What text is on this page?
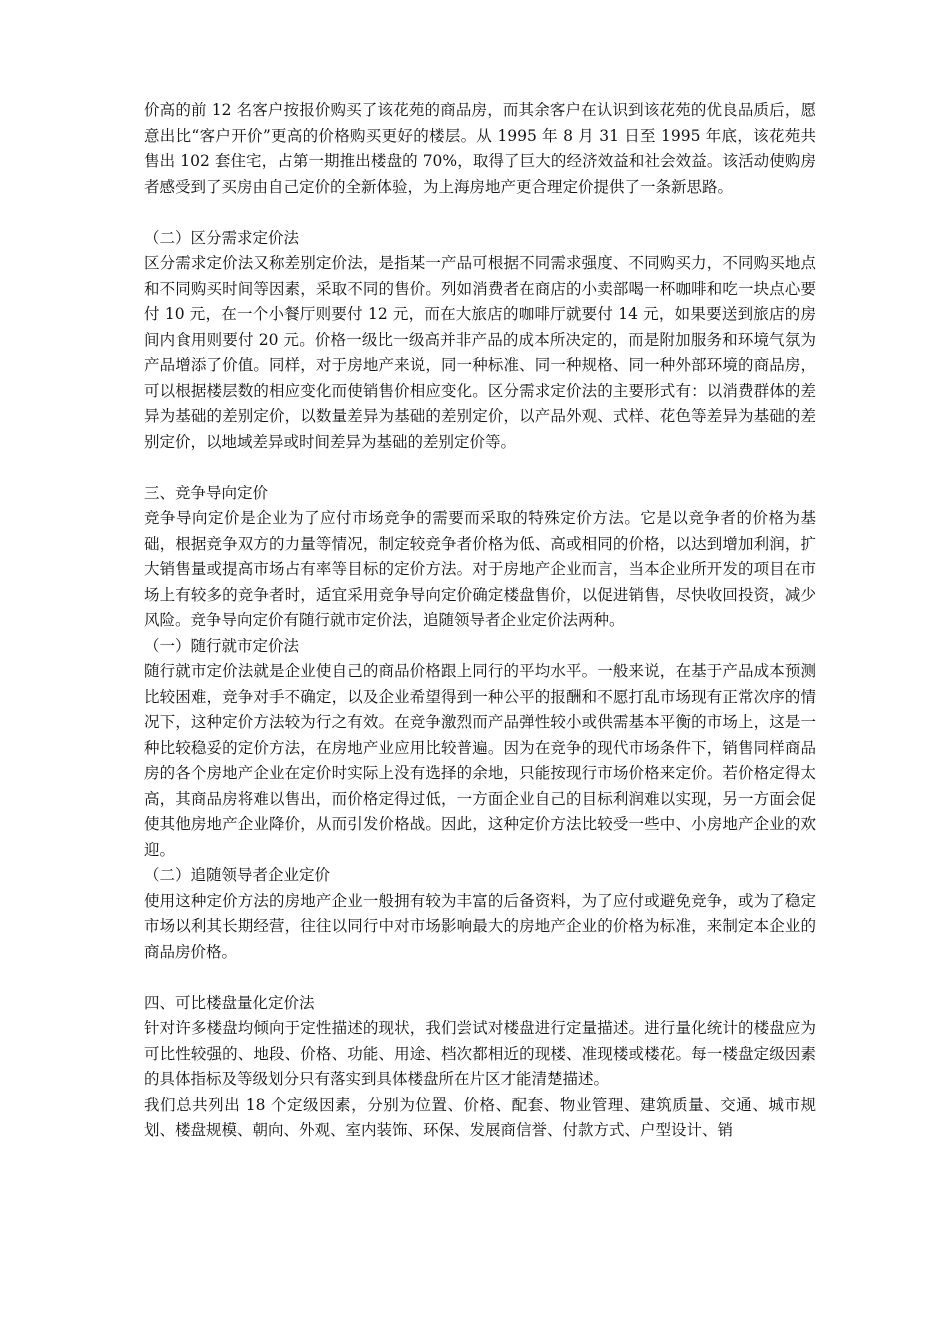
价高的前 12 名客户按报价购买了该花苑的商品房，而其余客户在认识到该花苑的优良品质后，愿意出比“客户开价”更高的价格购买更好的楼层。从 1995 年 8 月 31 日至 1995 年底，该花苑共售出 102 套住宅，占第一期推出楼盘的 70%，取得了巨大的经济效益和社会效益。该活动使购房者感受到了买房由自己定价的全新体验，为上海房地产更合理定价提供了一条新思路。

（二）区分需求定价法

区分需求定价法又称差别定价法，是指某一产品可根据不同需求强度、不同购买力，不同购买地点和不同购买时间等因素，采取不同的售价。列如消费者在商店的小卖部喝一杯咖啡和吃一块点心要付 10 元，在一个小餐厅则要付 12 元，而在大旅店的咖啡厅就要付 14 元，如果要送到旅店的房间内食用则要付 20 元。价格一级比一级高并非产品的成本所决定的，而是附加服务和环境气氛为产品增添了价值。同样，对于房地产来说，同一种标准、同一种规格、同一种外部环境的商品房，可以根据楼层数的相应变化而使销售价相应变化。区分需求定价法的主要形式有：以消费群体的差异为基础的差别定价，以数量差异为基础的差别定价，以产品外观、式样、花色等差异为基础的差别定价，以地域差异或时间差异为基础的差别定价等。

三、竞争导向定价

竞争导向定价是企业为了应付市场竞争的需要而采取的特殊定价方法。它是以竞争者的价格为基础，根据竞争双方的力量等情况，制定较竞争者价格为低、高或相同的价格，以达到增加利润，扩大销售量或提高市场占有率等目标的定价方法。对于房地产企业而言，当本企业所开发的项目在市场上有较多的竞争者时，适宜采用竞争导向定价确定楼盘售价，以促进销售，尽快收回投资，减少风险。竞争导向定价有随行就市定价法，追随领导者企业定价法两种。

（一）随行就市定价法

随行就市定价法就是企业使自己的商品价格跟上同行的平均水平。一般来说，在基于产品成本预测比较困难，竞争对手不确定，以及企业希望得到一种公平的报酬和不愿打乱市场现有正常次序的情况下，这种定价方法较为行之有效。在竞争激烈而产品弹性较小或供需基本平衡的市场上，这是一种比较稳妥的定价方法，在房地产业应用比较普遍。因为在竞争的现代市场条件下，销售同样商品房的各个房地产企业在定价时实际上没有选择的余地，只能按现行市场价格来定价。若价格定得太高，其商品房将难以售出，而价格定得过低，一方面企业自己的目标利润难以实现，另一方面会促使其他房地产企业降价，从而引发价格战。因此，这种定价方法比较受一些中、小房地产企业的欢迎。

（二）追随领导者企业定价

使用这种定价方法的房地产企业一般拥有较为丰富的后备资料，为了应付或避免竞争，或为了稳定市场以利其长期经营，往往以同行中对市场影响最大的房地产企业的价格为标准，来制定本企业的商品房价格。

四、可比楼盘量化定价法

针对许多楼盘均倾向于定性描述的现状，我们尝试对楼盘进行定量描述。进行量化统计的楼盘应为可比性较强的、地段、价格、功能、用途、档次都相近的现楼、准现楼或楼花。每一楼盘定级因素的具体指标及等级划分只有落实到具体楼盘所在片区才能清楚描述。

我们总共列出 18 个定级因素，分别为位置、价格、配套、物业管理、建筑质量、交通、城市规划、楼盘规模、朝向、外观、室内装饰、环保、发展商信誉、付款方式、户型设计、销
